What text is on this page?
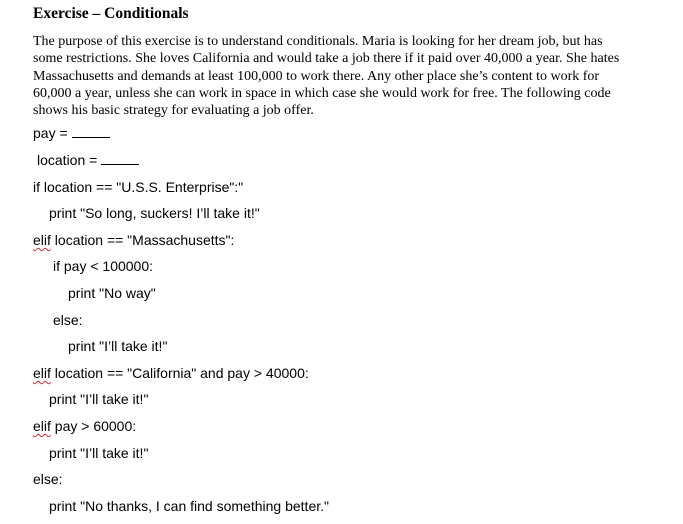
Exercise – Conditionals
The purpose of this exercise is to understand conditionals. Maria is looking for her dream job, but has some restrictions. She loves California and would take a job there if it paid over 40,000 a year. She hates Massachusetts and demands at least 100,000 to work there. Any other place she’s content to work for 60,000 a year, unless she can work in space in which case she would work for free. The following code shows his basic strategy for evaluating a job offer.
pay =
location =
if location == "U.S.S. Enterprise":"
print "So long, suckers! I’ll take it!"
elif location == "Massachusetts":
if pay < 100000:
print "No way"
else:
print "I’ll take it!"
elif location == "California" and pay > 40000:
print "I’ll take it!"
elif pay > 60000:
print "I’ll take it!"
else:
print "No thanks, I can find something better."
